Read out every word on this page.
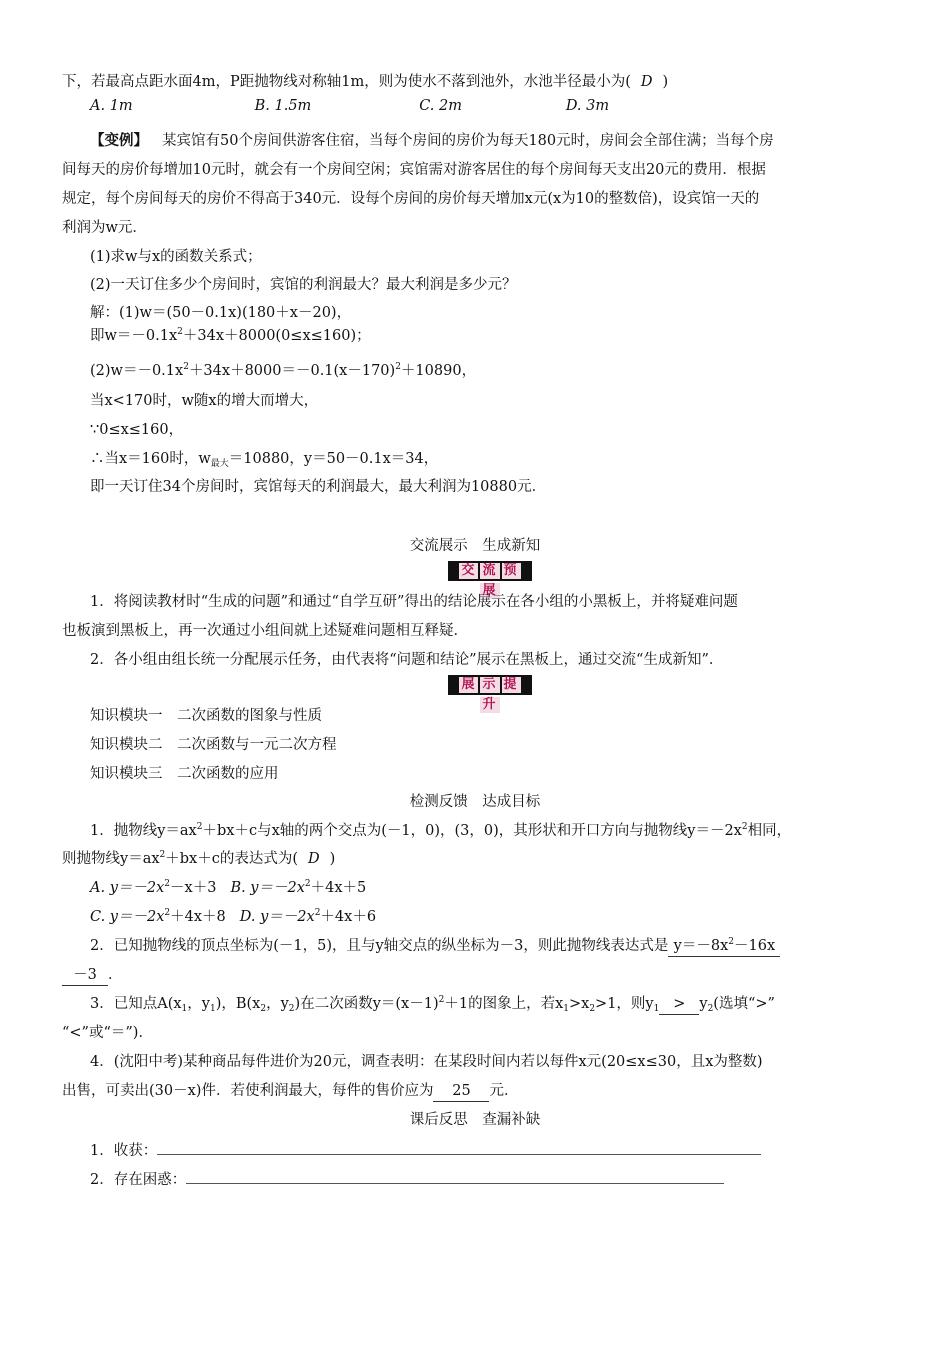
下，若最高点距水面4m，P距抛物线对称轴1m，则为使水不落到池外，水池半径最小为( D )
A. 1m	B. 1.5m	C. 2m	D. 3m
【变例】 某宾馆有50个房间供游客住宿，当每个房间的房价为每天180元时，房间会全部住满；当每个房
间每天的房价每增加10元时，就会有一个房间空闲；宾馆需对游客居住的每个房间每天支出20元的费用．根据
规定，每个房间每天的房价不得高于340元．设每个房间的房价每天增加x元(x为10的整数倍)，设宾馆一天的
利润为w元．
(1)求w与x的函数关系式；
(2)一天订住多少个房间时，宾馆的利润最大？最大利润是多少元？
解：(1)w＝(50－0.1x)(180＋x－20)，
即$w=-0.1x^2+34x+8000(0\le x\le 160)$；
$(2)w=-0.1x^2+34x+8000=-0.1(x-170)^2+10890$，
当x<170时，w随x的增大而增大，
∵0≤x≤160，
∴当x＝160时，$w_{最大}=10880$，y＝50－0.1x＝34，
即一天订住34个房间时，宾馆每天的利润最大，最大利润为10880元．
交流展示　生成新知
交 流 预展
1．将阅读教材时“生成的问题”和通过“自学互研”得出的结论展示在各小组的小黑板上，并将疑难问题
也板演到黑板上，再一次通过小组间就上述疑难问题相互释疑．
2．各小组由组长统一分配展示任务，由代表将“问题和结论”展示在黑板上，通过交流“生成新知”．
展 示 提升
知识模块一　二次函数的图象与性质
知识模块二　二次函数与一元二次方程
知识模块三　二次函数的应用
检测反馈　达成目标
1．抛物线$y=ax^2+bx+c$与x轴的两个交点为(－1，0)，(3，0)，其形状和开口方向与抛物线$y=-2x^2$相同，
则抛物线$y=ax^2+bx+c$的表达式为( D )
A. $y=-2x^2-x+3$ B. $y=-2x^2+4x+5$
C. $y=-2x^2+4x+8$ D. $y=-2x^2+4x+6$
2．已知抛物线的顶点坐标为(－1，5)，且与y轴交点的纵坐标为－3，则此抛物线表达式是 $y=-8x^2-16x$
－3 ．
3．已知点$A(x_1$，$y_1$)，$B(x_2$，$y_2$)在二次函数$y=(x-1)^2+1$的图象上，若$x_1>x_2>1$，则$y_1 > y_2$(选填“>”
“<”或“＝”)．
4．(沈阳中考)某种商品每件进价为20元，调查表明：在某段时间内若以每件x元(20≤x≤30，且x为整数)
出售，可卖出(30－x)件．若使利润最大，每件的售价应为 25 元．
课后反思　查漏补缺
1．收获：
2．存在困惑：
